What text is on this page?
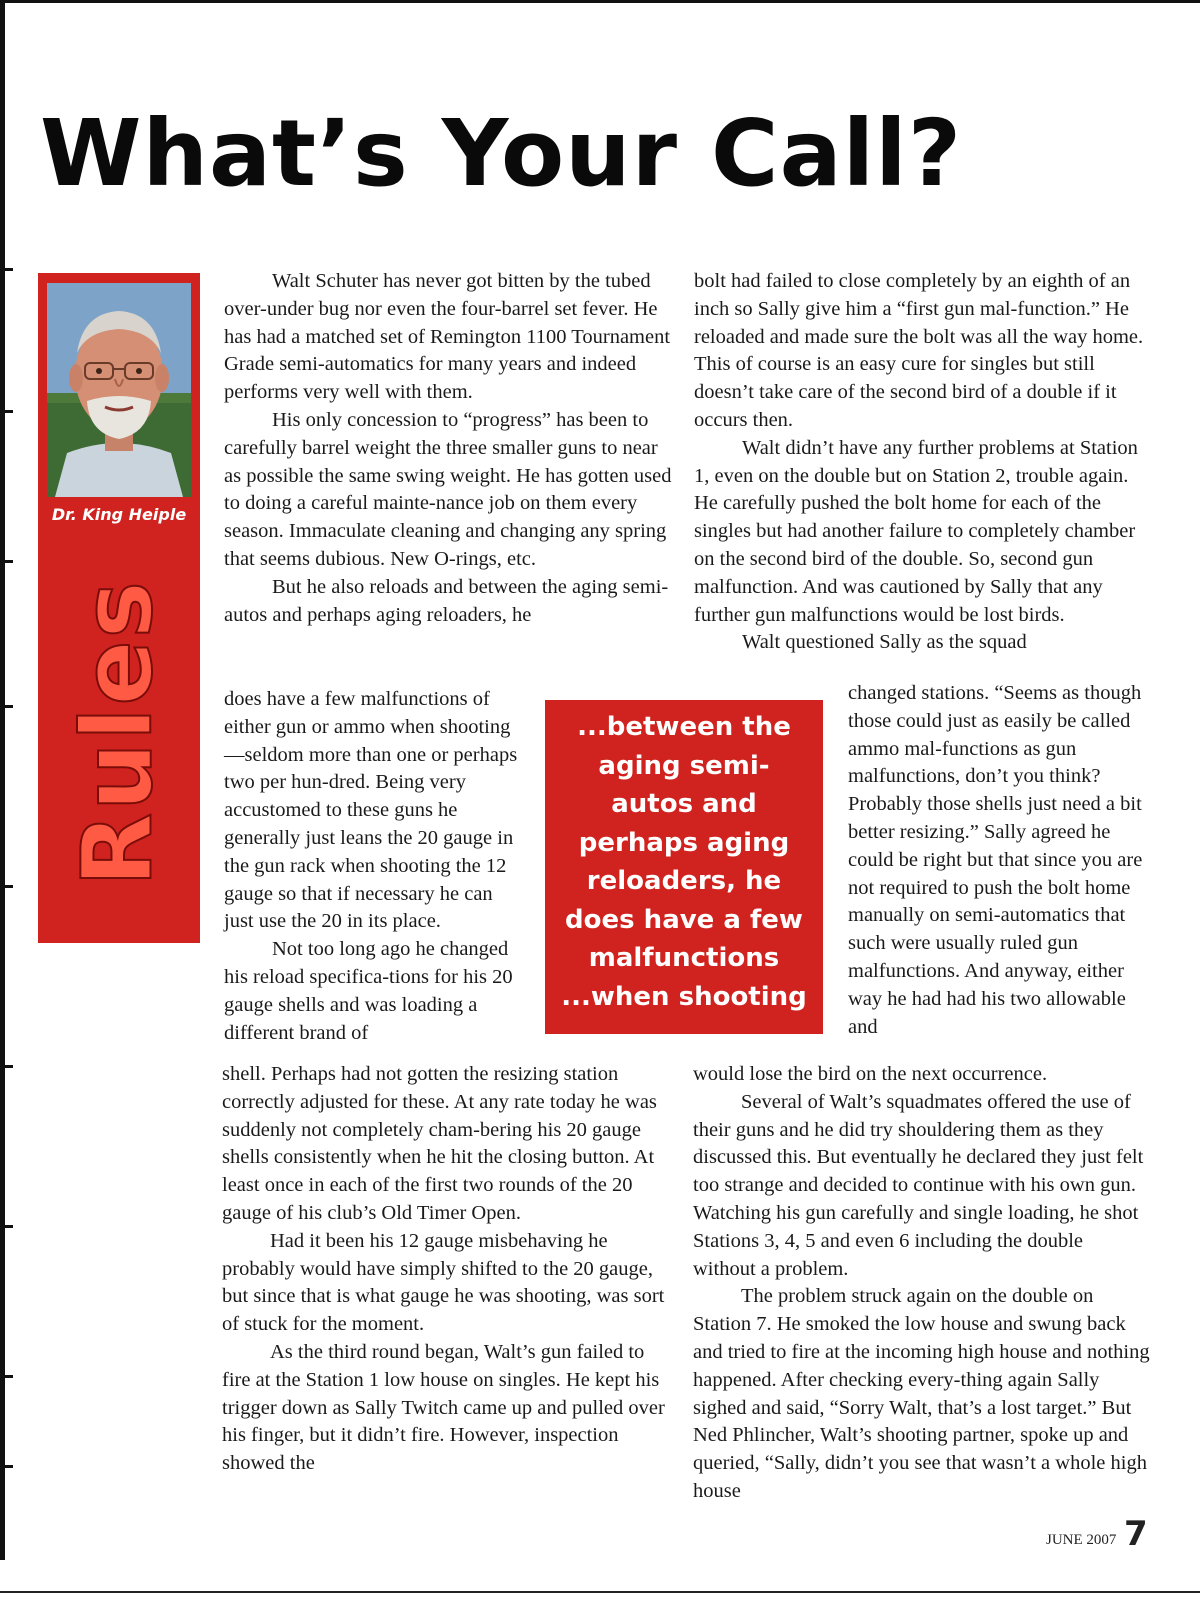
What’s Your Call?
Dr. King Heiple
Rules

Walt Schuter has never got bitten by the tubed over-under bug nor even the four-barrel set fever. He has had a matched set of Remington 1100 Tournament Grade semi-automatics for many years and indeed performs very well with them.

His only concession to “progress” has been to carefully barrel weight the three smaller guns to near as possible the same swing weight. He has gotten used to doing a careful mainte-nance job on them every season. Immaculate cleaning and changing any spring that seems dubious. New O-rings, etc.

But he also reloads and between the aging semi-autos and perhaps aging reloaders, he

does have a few malfunctions of either gun or ammo when shooting—seldom more than one or perhaps two per hun-dred. Being very accustomed to these guns he generally just leans the 20 gauge in the gun rack when shooting the 12 gauge so that if necessary he can just use the 20 in its place.

Not too long ago he changed his reload specifica-tions for his 20 gauge shells and was loading a different brand of

shell. Perhaps had not gotten the resizing station correctly adjusted for these. At any rate today he was suddenly not completely cham-bering his 20 gauge shells consistently when he hit the closing button. At least once in each of the first two rounds of the 20 gauge of his club’s Old Timer Open.

Had it been his 12 gauge misbehaving he probably would have simply shifted to the 20 gauge, but since that is what gauge he was shooting, was sort of stuck for the moment.

As the third round began, Walt’s gun failed to fire at the Station 1 low house on singles. He kept his trigger down as Sally Twitch came up and pulled over his finger, but it didn’t fire. However, inspection showed the

...between the
aging semi-
autos and
perhaps aging
reloaders, he
does have a few
malfunctions
...when shooting

bolt had failed to close completely by an eighth of an inch so Sally give him a “first gun mal-function.” He reloaded and made sure the bolt was all the way home. This of course is an easy cure for singles but still doesn’t take care of the second bird of a double if it occurs then.

Walt didn’t have any further problems at Station 1, even on the double but on Station 2, trouble again. He carefully pushed the bolt home for each of the singles but had another failure to completely chamber on the second bird of the double. So, second gun malfunction. And was cautioned by Sally that any further gun malfunctions would be lost birds.

Walt questioned Sally as the squad

changed stations. “Seems as though those could just as easily be called ammo mal-functions as gun malfunctions, don’t you think? Probably those shells just need a bit better resizing.” Sally agreed he could be right but that since you are not required to push the bolt home manually on semi-automatics that such were usually ruled gun malfunctions. And anyway, either way he had had his two allowable and

would lose the bird on the next occurrence.

Several of Walt’s squadmates offered the use of their guns and he did try shouldering them as they discussed this. But eventually he declared they just felt too strange and decided to continue with his own gun. Watching his gun carefully and single loading, he shot Stations 3, 4, 5 and even 6 including the double without a problem.

The problem struck again on the double on Station 7. He smoked the low house and swung back and tried to fire at the incoming high house and nothing happened. After checking every-thing again Sally sighed and said, “Sorry Walt, that’s a lost target.” But Ned Phlincher, Walt’s shooting partner, spoke up and queried, “Sally, didn’t you see that wasn’t a whole high house

JUNE 2007 7
